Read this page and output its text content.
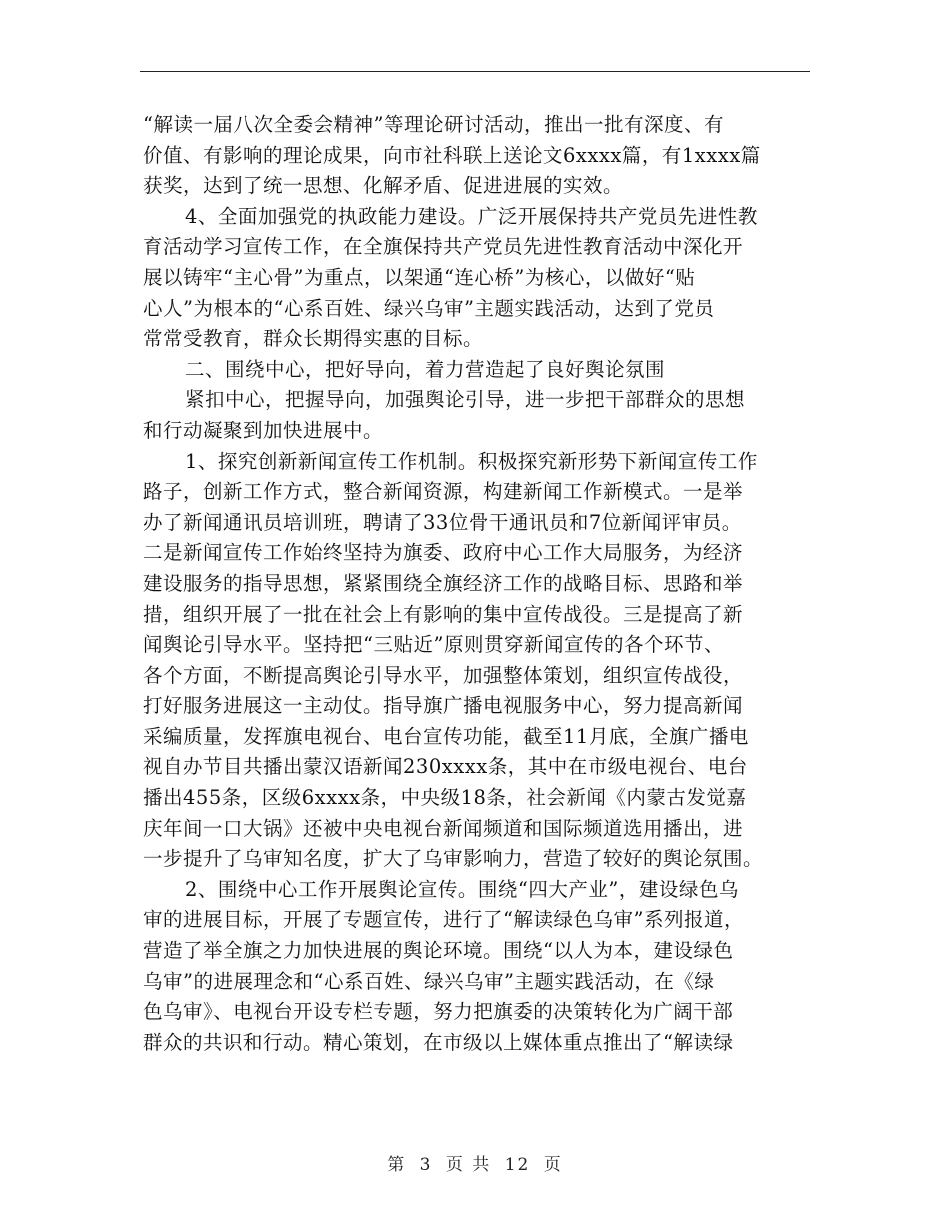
“解读一届八次全委会精神”等理论研讨活动，推出一批有深度、有
价值、有影响的理论成果，向市社科联上送论文6xxxx篇，有1xxxx篇
获奖，达到了统一思想、化解矛盾、促进进展的实效。
4、全面加强党的执政能力建设。广泛开展保持共产党员先进性教
育活动学习宣传工作，在全旗保持共产党员先进性教育活动中深化开
展以铸牢“主心骨”为重点，以架通“连心桥”为核心，以做好“贴
心人”为根本的“心系百姓、绿兴乌审”主题实践活动，达到了党员
常常受教育，群众长期得实惠的目标。
二、围绕中心，把好导向，着力营造起了良好舆论氛围
紧扣中心，把握导向，加强舆论引导，进一步把干部群众的思想
和行动凝聚到加快进展中。
1、探究创新新闻宣传工作机制。积极探究新形势下新闻宣传工作
路子，创新工作方式，整合新闻资源，构建新闻工作新模式。一是举
办了新闻通讯员培训班，聘请了33位骨干通讯员和7位新闻评审员。
二是新闻宣传工作始终坚持为旗委、政府中心工作大局服务，为经济
建设服务的指导思想，紧紧围绕全旗经济工作的战略目标、思路和举
措，组织开展了一批在社会上有影响的集中宣传战役。三是提高了新
闻舆论引导水平。坚持把“三贴近”原则贯穿新闻宣传的各个环节、
各个方面，不断提高舆论引导水平，加强整体策划，组织宣传战役，
打好服务进展这一主动仗。指导旗广播电视服务中心，努力提高新闻
采编质量，发挥旗电视台、电台宣传功能，截至11月底，全旗广播电
视自办节目共播出蒙汉语新闻230xxxx条，其中在市级电视台、电台
播出455条，区级6xxxx条，中央级18条，社会新闻《内蒙古发觉嘉
庆年间一口大锅》还被中央电视台新闻频道和国际频道选用播出，进
一步提升了乌审知名度，扩大了乌审影响力，营造了较好的舆论氛围。
2、围绕中心工作开展舆论宣传。围绕“四大产业”，建设绿色乌
审的进展目标，开展了专题宣传，进行了“解读绿色乌审”系列报道，
营造了举全旗之力加快进展的舆论环境。围绕“以人为本，建设绿色
乌审”的进展理念和“心系百姓、绿兴乌审”主题实践活动，在《绿
色乌审》、电视台开设专栏专题，努力把旗委的决策转化为广阔干部
群众的共识和行动。精心策划，在市级以上媒体重点推出了“解读绿
第 3 页 共 12 页
